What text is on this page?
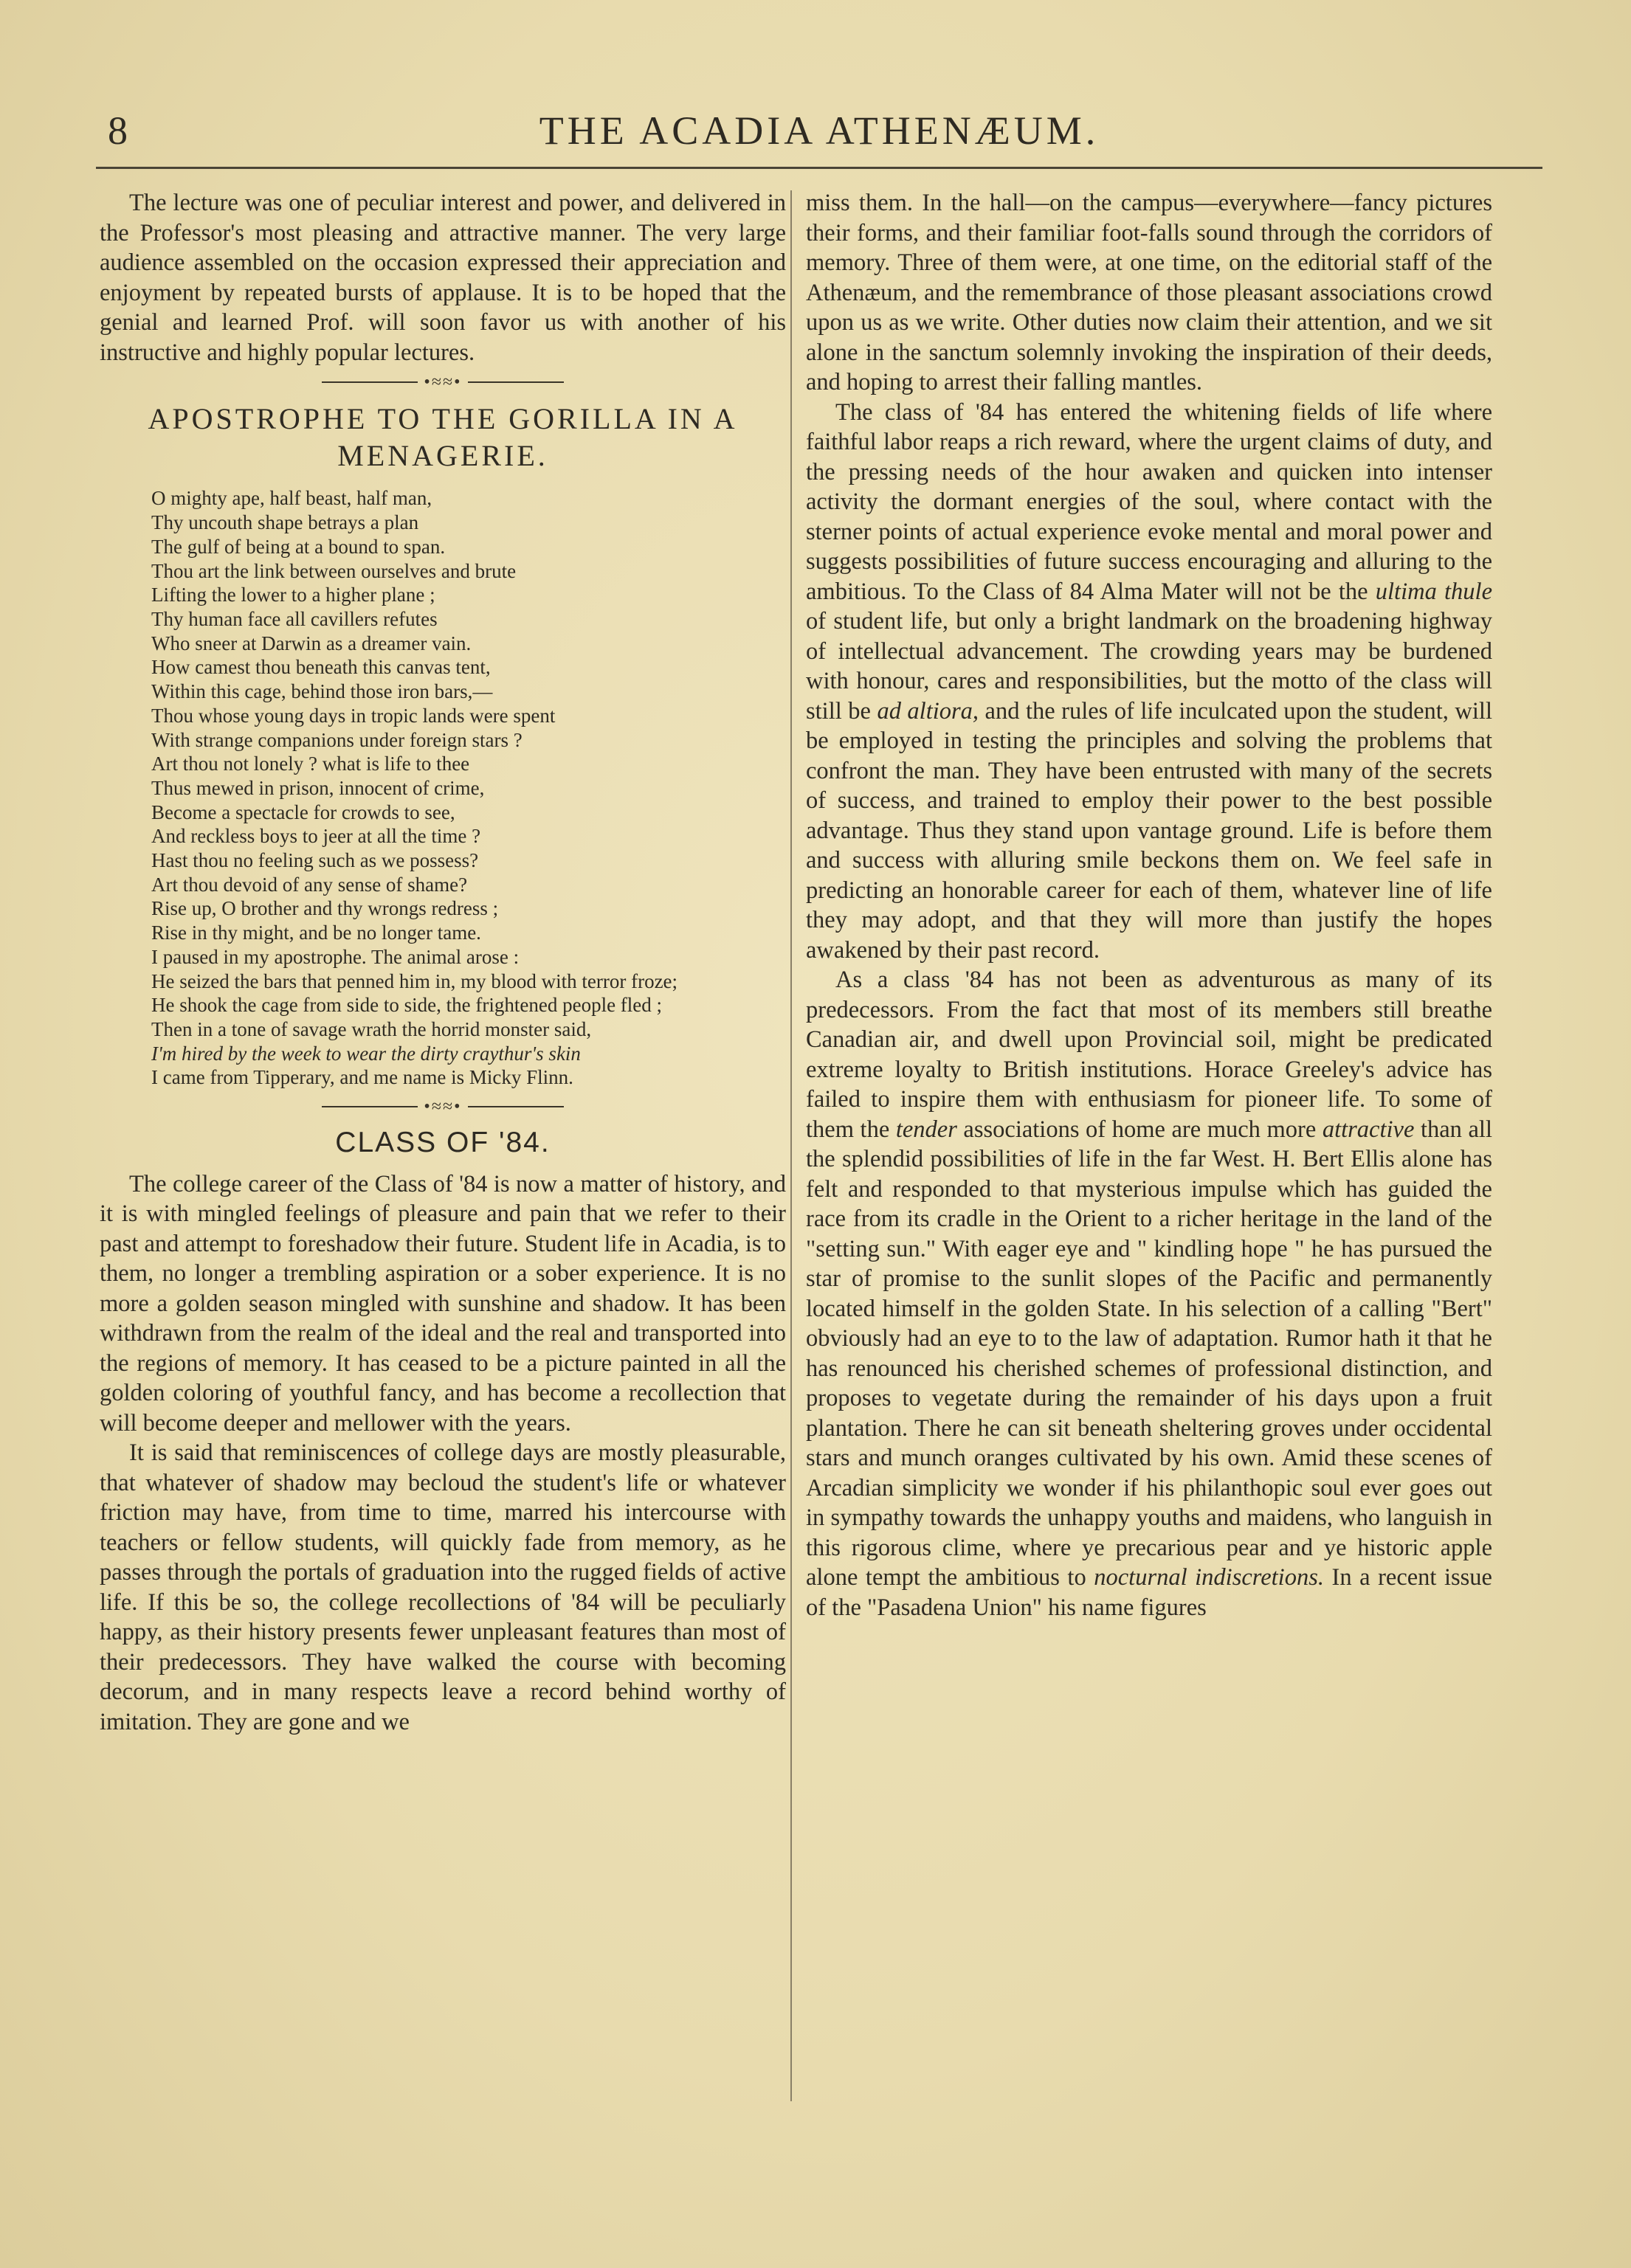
8	THE ACADIA ATHENÆUM.

The lecture was one of peculiar interest and power, and delivered in the Professor's most pleasing and attractive manner. The very large audience assembled on the occasion expressed their appreciation and enjoyment by repeated bursts of applause. It is to be hoped that the genial and learned Prof. will soon favor us with another of his instructive and highly popular lectures.

•≈≈•
APOSTROPHE TO THE GORILLA IN A MENAGERIE.
O mighty ape, half beast, half man,
Thy uncouth shape betrays a plan
The gulf of being at a bound to span.
Thou art the link between ourselves and brute
Lifting the lower to a higher plane ;
Thy human face all cavillers refutes
Who sneer at Darwin as a dreamer vain.
How camest thou beneath this canvas tent,
Within this cage, behind those iron bars,—
Thou whose young days in tropic lands were spent
With strange companions under foreign stars ?
Art thou not lonely ? what is life to thee
Thus mewed in prison, innocent of crime,
Become a spectacle for crowds to see,
And reckless boys to jeer at all the time ?
Hast thou no feeling such as we possess?
Art thou devoid of any sense of shame?
Rise up, O brother and thy wrongs redress ;
Rise in thy might, and be no longer tame.
I paused in my apostrophe. The animal arose :
He seized the bars that penned him in, my blood with terror froze;
He shook the cage from side to side, the frightened people fled ;
Then in a tone of savage wrath the horrid monster said,
I'm hired by the week to wear the dirty craythur's skin
I came from Tipperary, and me name is Micky Flinn.
•≈≈•
CLASS OF '84.

The college career of the Class of '84 is now a matter of history, and it is with mingled feelings of pleasure and pain that we refer to their past and attempt to foreshadow their future. Student life in Acadia, is to them, no longer a trembling aspiration or a sober experience. It is no more a golden season mingled with sunshine and shadow. It has been withdrawn from the realm of the ideal and the real and transported into the regions of memory. It has ceased to be a picture painted in all the golden coloring of youthful fancy, and has become a recollection that will become deeper and mellower with the years.

It is said that reminiscences of college days are mostly pleasurable, that whatever of shadow may becloud the student's life or whatever friction may have, from time to time, marred his intercourse with teachers or fellow students, will quickly fade from memory, as he passes through the portals of graduation into the rugged fields of active life. If this be so, the college recollections of '84 will be peculiarly happy, as their history presents fewer unpleasant features than most of their predecessors. They have walked the course with becoming decorum, and in many respects leave a record behind worthy of imitation. They are gone and we

miss them. In the hall—on the campus—everywhere—fancy pictures their forms, and their familiar foot-falls sound through the corridors of memory. Three of them were, at one time, on the editorial staff of the Athenæum, and the remembrance of those pleasant associations crowd upon us as we write. Other duties now claim their attention, and we sit alone in the sanctum solemnly invoking the inspiration of their deeds, and hoping to arrest their falling mantles.

The class of '84 has entered the whitening fields of life where faithful labor reaps a rich reward, where the urgent claims of duty, and the pressing needs of the hour awaken and quicken into intenser activity the dormant energies of the soul, where contact with the sterner points of actual experience evoke mental and moral power and suggests possibilities of future success encouraging and alluring to the ambitious. To the Class of 84 Alma Mater will not be the ultima thule of student life, but only a bright landmark on the broadening highway of intellectual advancement. The crowding years may be burdened with honour, cares and responsibilities, but the motto of the class will still be ad altiora, and the rules of life inculcated upon the student, will be employed in testing the principles and solving the problems that confront the man. They have been entrusted with many of the secrets of success, and trained to employ their power to the best possible advantage. Thus they stand upon vantage ground. Life is before them and success with alluring smile beckons them on. We feel safe in predicting an honorable career for each of them, whatever line of life they may adopt, and that they will more than justify the hopes awakened by their past record.

As a class '84 has not been as adventurous as many of its predecessors. From the fact that most of its members still breathe Canadian air, and dwell upon Provincial soil, might be predicated extreme loyalty to British institutions. Horace Greeley's advice has failed to inspire them with enthusiasm for pioneer life. To some of them the tender associations of home are much more attractive than all the splendid possibilities of life in the far West. H. Bert Ellis alone has felt and responded to that mysterious impulse which has guided the race from its cradle in the Orient to a richer heritage in the land of the "setting sun." With eager eye and " kindling hope " he has pursued the star of promise to the sunlit slopes of the Pacific and permanently located himself in the golden State. In his selection of a calling "Bert" obviously had an eye to to the law of adaptation. Rumor hath it that he has renounced his cherished schemes of professional distinction, and proposes to vegetate during the remainder of his days upon a fruit plantation. There he can sit beneath sheltering groves under occidental stars and munch oranges cultivated by his own. Amid these scenes of Arcadian simplicity we wonder if his philanthopic soul ever goes out in sympathy towards the unhappy youths and maidens, who languish in this rigorous clime, where ye precarious pear and ye historic apple alone tempt the ambitious to nocturnal indiscretions. In a recent issue of the "Pasadena Union" his name figures
